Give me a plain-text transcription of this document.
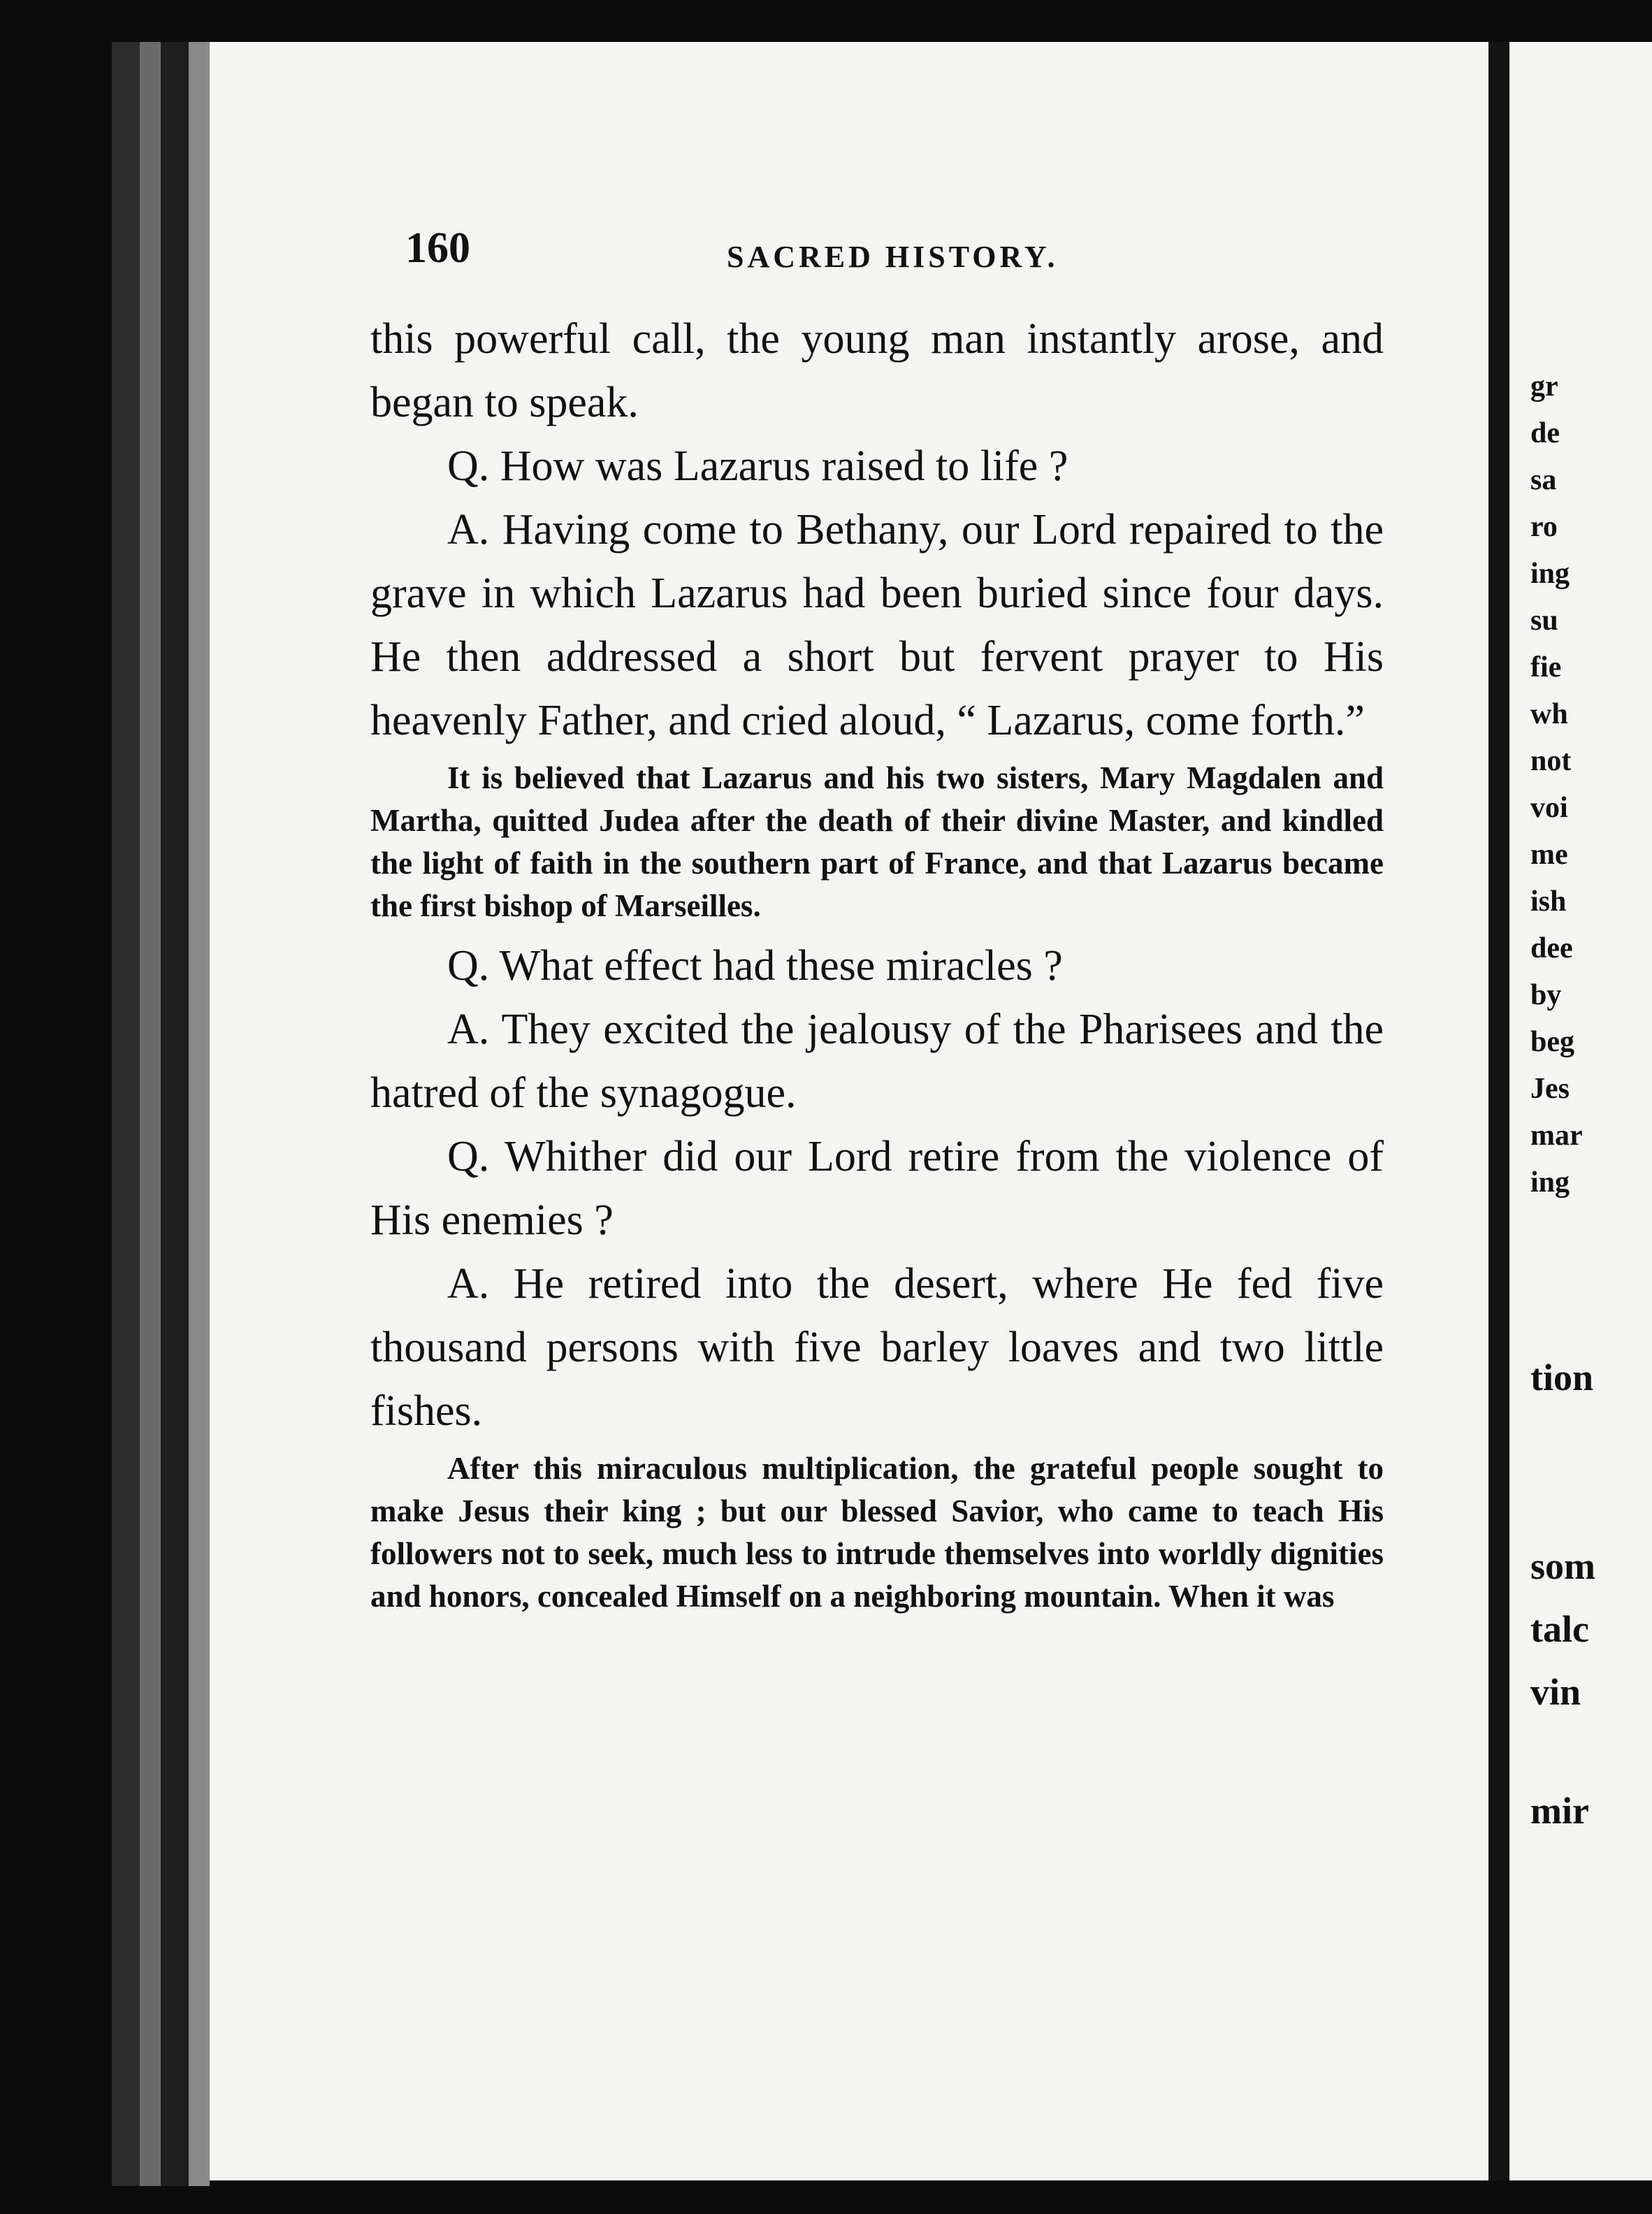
160	SACRED HISTORY.

this powerful call, the young man instantly arose, and began to speak.

Q. How was Lazarus raised to life ?

A. Having come to Bethany, our Lord repaired to the grave in which Lazarus had been buried since four days. He then addressed a short but fervent prayer to His heavenly Father, and cried aloud, “ Lazarus, come forth.”

It is believed that Lazarus and his two sisters, Mary Magdalen and Martha, quitted Judea after the death of their divine Master, and kindled the light of faith in the southern part of France, and that Lazarus became the first bishop of Marseilles.

Q. What effect had these miracles ?

A. They excited the jealousy of the Pharisees and the hatred of the synagogue.

Q. Whither did our Lord retire from the violence of His enemies ?

A. He retired into the desert, where He fed five thousand persons with five barley loaves and two little fishes.

After this miraculous multiplication, the grateful people sought to make Jesus their king ; but our blessed Savior, who came to teach His followers not to seek, much less to intrude themselves into worldly dignities and honors, concealed Himself on a neighboring mountain. When it was

gr
de
sa
ro
ing
su
fie
wh
not
voi
me
ish
dee
by
beg
Jes
mar
ing
tion
som
talc
vin
mir
